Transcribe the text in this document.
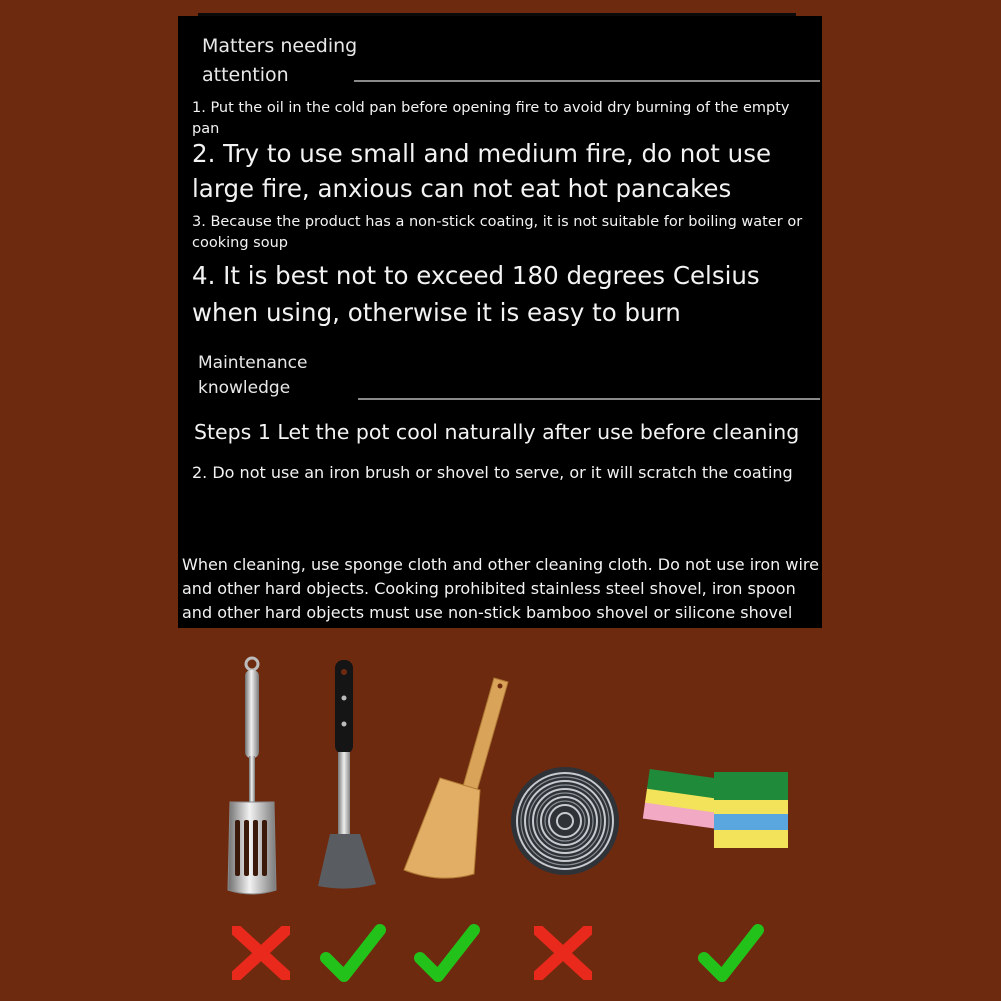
Matters needing
attention
1. Put the oil in the cold pan before opening fire to avoid dry burning of the empty pan
2. Try to use small and medium fire, do not use large fire, anxious can not eat hot pancakes
3. Because the product has a non-stick coating, it is not suitable for boiling water or cooking soup
4. It is best not to exceed 180 degrees Celsius when using, otherwise it is easy to burn
Maintenance
knowledge
Steps 1 Let the pot cool naturally after use before cleaning
2. Do not use an iron brush or shovel to serve, or it will scratch the coating
When cleaning, use sponge cloth and other cleaning cloth. Do not use iron wire and other hard objects. Cooking prohibited stainless steel shovel, iron spoon and other hard objects must use non-stick bamboo shovel or silicone shovel
